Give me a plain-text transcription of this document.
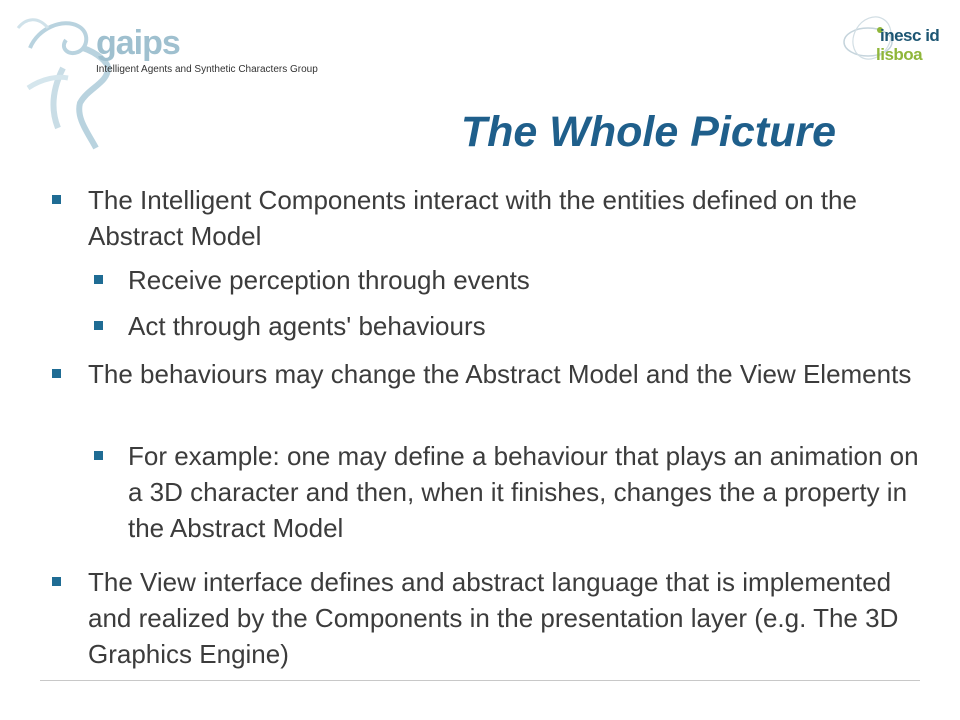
gaips
Intelligent Agents and Synthetic Characters Group
inesc id
lisboa
The Whole Picture
The Intelligent Components interact with the entities defined on the Abstract Model
Receive perception through events
Act through agents' behaviours
The behaviours may change the Abstract Model and the View Elements
For example: one may define a behaviour that plays an animation on a 3D character and then, when it finishes, changes the a property in the Abstract Model
The View interface defines and abstract language that is implemented and realized by the Components in the presentation layer (e.g. The 3D Graphics Engine)
